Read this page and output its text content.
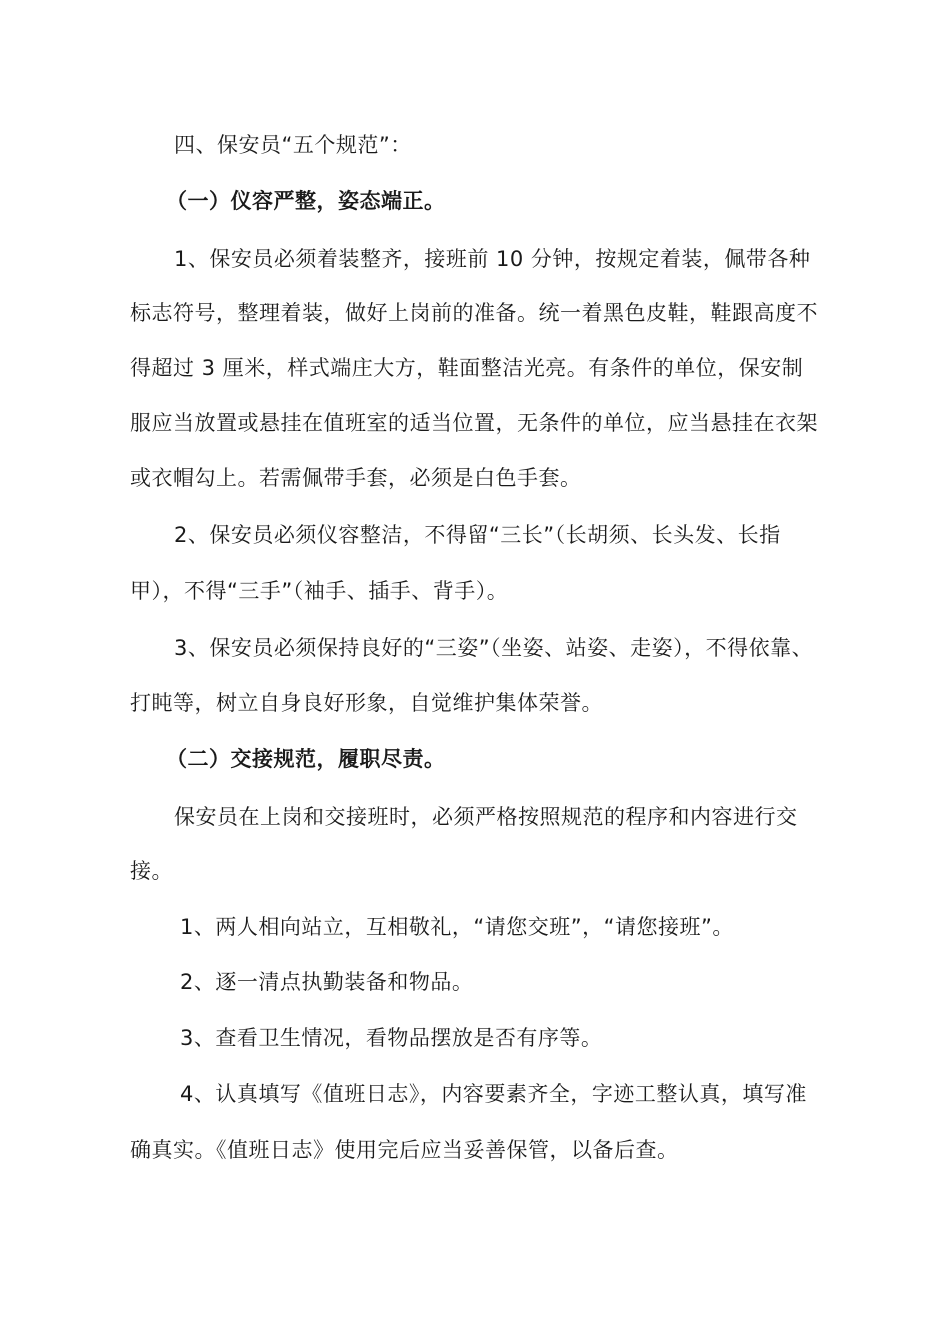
四、保安员“五个规范”：
（一）仪容严整，姿态端正。
1、保安员必须着装整齐，接班前 10 分钟，按规定着装，佩带各种
标志符号，整理着装，做好上岗前的准备。统一着黑色皮鞋，鞋跟高度不
得超过 3 厘米，样式端庄大方，鞋面整洁光亮。有条件的单位，保安制
服应当放置或悬挂在值班室的适当位置，无条件的单位，应当悬挂在衣架
或衣帽勾上。若需佩带手套，必须是白色手套。
2、保安员必须仪容整洁，不得留“三长”（长胡须、长头发、长指
甲），不得“三手”（袖手、插手、背手）。
3、保安员必须保持良好的“三姿”（坐姿、站姿、走姿），不得依靠、
打盹等，树立自身良好形象，自觉维护集体荣誉。
（二）交接规范，履职尽责。
保安员在上岗和交接班时，必须严格按照规范的程序和内容进行交
接。
1、两人相向站立，互相敬礼，“请您交班”，“请您接班”。
2、逐一清点执勤装备和物品。
3、查看卫生情况，看物品摆放是否有序等。
4、认真填写《值班日志》，内容要素齐全，字迹工整认真，填写准
确真实。《值班日志》使用完后应当妥善保管，以备后查。
